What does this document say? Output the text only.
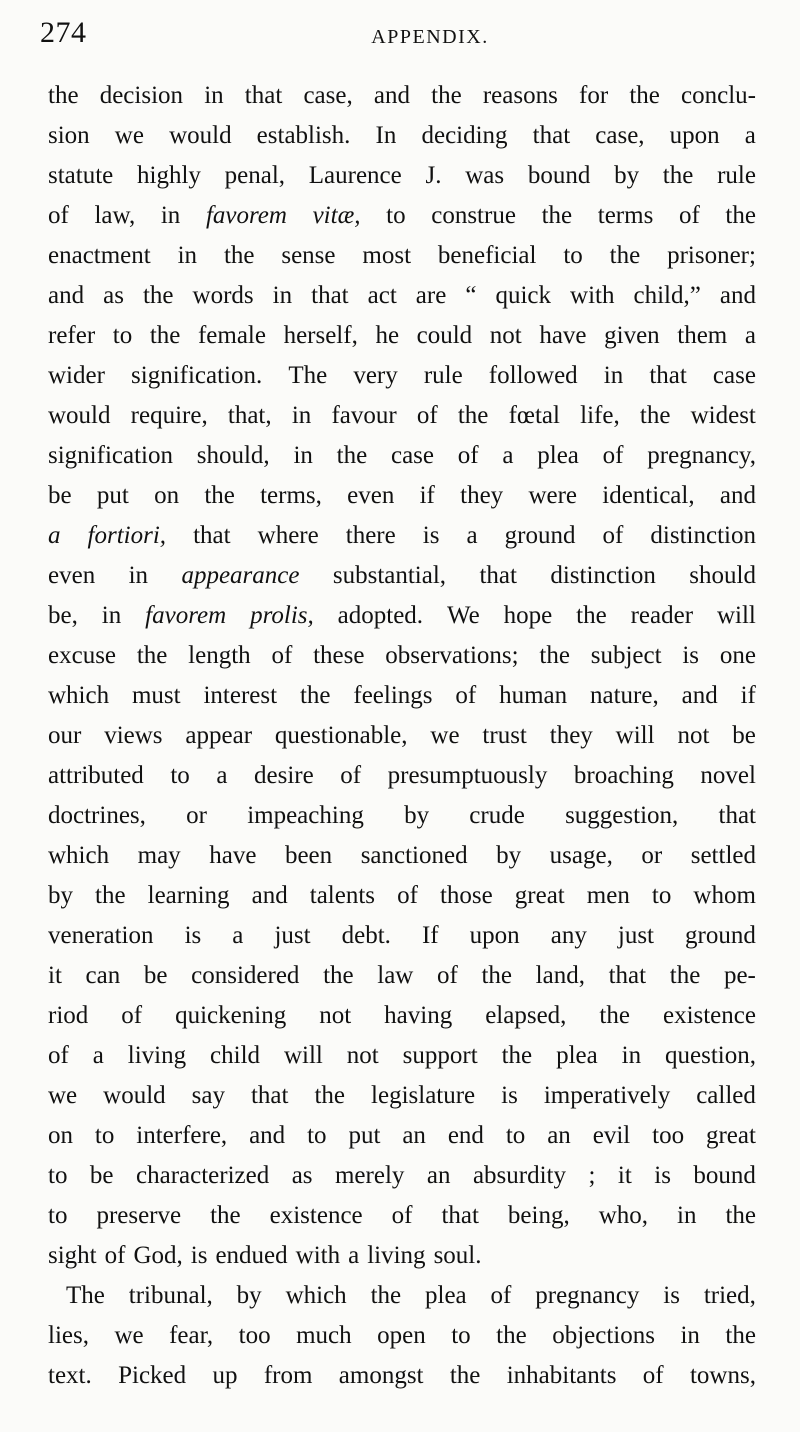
274	APPENDIX.
the decision in that case, and the reasons for the conclu-
sion we would establish. In deciding that case, upon a
statute highly penal, Laurence J. was bound by the rule
of law, in favorem vitæ, to construe the terms of the
enactment in the sense most beneficial to the prisoner;
and as the words in that act are “ quick with child,” and
refer to the female herself, he could not have given them a
wider signification. The very rule followed in that case
would require, that, in favour of the fœtal life, the widest
signification should, in the case of a plea of pregnancy,
be put on the terms, even if they were identical, and
a fortiori, that where there is a ground of distinction
even in appearance substantial, that distinction should
be, in favorem prolis, adopted. We hope the reader will
excuse the length of these observations; the subject is one
which must interest the feelings of human nature, and if
our views appear questionable, we trust they will not be
attributed to a desire of presumptuously broaching novel
doctrines, or impeaching by crude suggestion, that
which may have been sanctioned by usage, or settled
by the learning and talents of those great men to whom
veneration is a just debt. If upon any just ground
it can be considered the law of the land, that the pe-
riod of quickening not having elapsed, the existence
of a living child will not support the plea in question,
we would say that the legislature is imperatively called
on to interfere, and to put an end to an evil too great
to be characterized as merely an absurdity ; it is bound
to preserve the existence of that being, who, in the
sight of God, is endued with a living soul.
The tribunal, by which the plea of pregnancy is tried,
lies, we fear, too much open to the objections in the
text. Picked up from amongst the inhabitants of towns,
